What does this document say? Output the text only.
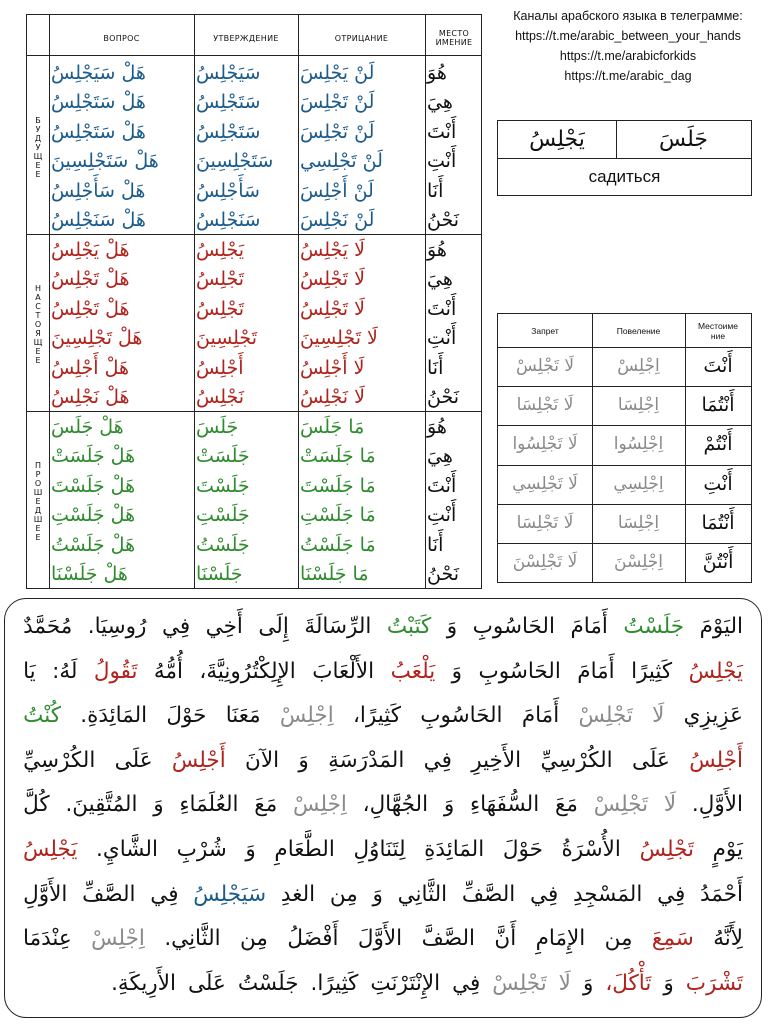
ВОПРОС	УТВЕРЖДЕНИЕ	ОТРИЦАНИЕ	МЕСТО ИМЕНИЕ
Б
У
Д
У
Щ
Е
Е
هَلْ سَيَجْلِسُ	سَيَجْلِسُ	لَنْ يَجْلِسَ	هُوَ
هَلْ سَتَجْلِسُ	سَتَجْلِسُ	لَنْ تَجْلِسَ	هِيَ
هَلْ سَتَجْلِسُ	سَتَجْلِسُ	لَنْ تَجْلِسَ	أَنْتَ
هَلْ سَتَجْلِسِينَ	سَتَجْلِسِينَ	لَنْ تَجْلِسِي	أَنْتِ
هَلْ سَأَجْلِسُ	سَأَجْلِسُ	لَنْ أَجْلِسَ	أَنَا
هَلْ سَنَجْلِسُ	سَنَجْلِسُ	لَنْ نَجْلِسَ	نَحْنُ
Н
А
С
Т
О
Я
Щ
Е
Е
هَلْ يَجْلِسُ	يَجْلِسُ	لَا يَجْلِسُ	هُوَ
هَلْ تَجْلِسُ	تَجْلِسُ	لَا تَجْلِسُ	هِيَ
هَلْ تَجْلِسُ	تَجْلِسُ	لَا تَجْلِسُ	أَنْتَ
هَلْ تَجْلِسِينَ	تَجْلِسِينَ	لَا تَجْلِسِينَ	أَنْتِ
هَلْ أَجْلِسُ	أَجْلِسُ	لَا أَجْلِسُ	أَنَا
هَلْ نَجْلِسُ	نَجْلِسُ	لَا نَجْلِسُ	نَحْنُ
П
Р
О
Ш
Е
Д
Ш
Е
Е
هَلْ جَلَسَ	جَلَسَ	مَا جَلَسَ	هُوَ
هَلْ جَلَسَتْ	جَلَسَتْ	مَا جَلَسَتْ	هِيَ
هَلْ جَلَسْتَ	جَلَسْتَ	مَا جَلَسْتَ	أَنْتَ
هَلْ جَلَسْتِ	جَلَسْتِ	مَا جَلَسْتِ	أَنْتِ
هَلْ جَلَسْتُ	جَلَسْتُ	مَا جَلَسْتُ	أَنَا
هَلْ جَلَسْنَا	جَلَسْنَا	مَا جَلَسْنَا	نَحْنُ
Каналы арабского языка в телеграмме:
https://t.me/arabic_between_your_hands
https://t.me/arabicforkids
https://t.me/arabic_dag
يَجْلِسُ	جَلَسَ
садиться
Запрет	Повеление	Местоиме ние
لَا تَجْلِسْ	اِجْلِسْ	أَنْتَ
لَا تَجْلِسَا	اِجْلِسَا	أَنْتُمَا
لَا تَجْلِسُوا	اِجْلِسُوا	أَنْتُمْ
لَا تَجْلِسِي	اِجْلِسِي	أَنْتِ
لَا تَجْلِسَا	اِجْلِسَا	أَنْتُمَا
لَا تَجْلِسْنَ	اِجْلِسْنَ	أَنْتُنَّ
اليَوْمَ
جَلَسْتُ
أَمَامَ
الحَاسُوبِ
وَ
كَتَبْتُ
الرِّسَالَةَ
إِلَى
أَخِي
فِي
رُوسِيَا.
مُحَمَّدٌ
يَجْلِسُ
كَثِيرًا
أَمَامَ
الحَاسُوبِ
وَ
يَلْعَبُ
الأَلْعَابَ
الإِلِكْتُرُونِيَّةَ،
أُمُّهُ
تَقُولُ
لَهُ:
يَا
عَزِيزِي
لَا
تَجْلِسْ
أَمَامَ
الحَاسُوبِ
كَثِيرًا،
اِجْلِسْ
مَعَنَا
حَوْلَ
المَائِدَةِ.
كُنْتُ
أَجْلِسُ
عَلَى
الكُرْسِيِّ
الأَخِيرِ
فِي
المَدْرَسَةِ
وَ
الآنَ
أَجْلِسُ
عَلَى
الكُرْسِيِّ
الأَوَّلِ.
لَا
تَجْلِسْ
مَعَ
السُّفَهَاءِ
وَ
الجُهَّالِ،
اِجْلِسْ
مَعَ
العُلَمَاءِ
وَ
المُتَّقِينَ.
كُلَّ
يَوْمٍ
تَجْلِسُ
الأُسْرَةُ
حَوْلَ
المَائِدَةِ
لِتَنَاوُلِ
الطَّعَامِ
وَ
شُرْبِ
الشَّايِ.
يَجْلِسُ
أَحْمَدُ
فِي
المَسْجِدِ
فِي
الصَّفِّ
الثَّانِي
وَ
مِن
الغدِ
سَيَجْلِسُ
فِي
الصَّفِّ
الأَوَّلِ
لِأَنَّهُ
سَمِعَ
مِن
الإِمَامِ
أَنَّ
الصَّفَّ
الأَوَّلَ
أَفْضَلُ
مِن
الثَّانِي.
اِجْلِسْ
عِنْدَمَا
تَشْرَبَ
وَ
تَأْكُلَ،
وَ
لَا
تَجْلِسْ
فِي
الإِنْتَرْنَتِ
كَثِيرًا.
جَلَسْتُ
عَلَى
الأَرِيكَةِ.
